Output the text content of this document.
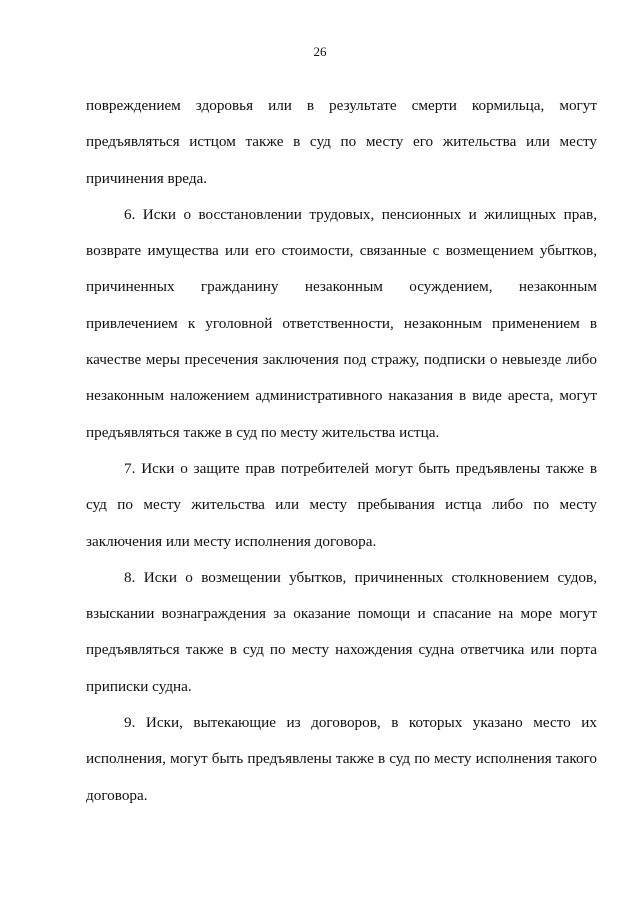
26

повреждением здоровья или в результате смерти кормильца, могут предъявляться истцом также в суд по месту его жительства или месту причинения вреда.

6. Иски о восстановлении трудовых, пенсионных и жилищных прав, возврате имущества или его стоимости, связанные с возмещением убытков, причиненных гражданину незаконным осуждением, незаконным привлечением к уголовной ответственности, незаконным применением в качестве меры пресечения заключения под стражу, подписки о невыезде либо незаконным наложением административного наказания в виде ареста, могут предъявляться также в суд по месту жительства истца.

7. Иски о защите прав потребителей могут быть предъявлены также в суд по месту жительства или месту пребывания истца либо по месту заключения или месту исполнения договора.

8. Иски о возмещении убытков, причиненных столкновением судов, взыскании вознаграждения за оказание помощи и спасание на море могут предъявляться также в суд по месту нахождения судна ответчика или порта приписки судна.

9. Иски, вытекающие из договоров, в которых указано место их исполнения, могут быть предъявлены также в суд по месту исполнения такого договора.
